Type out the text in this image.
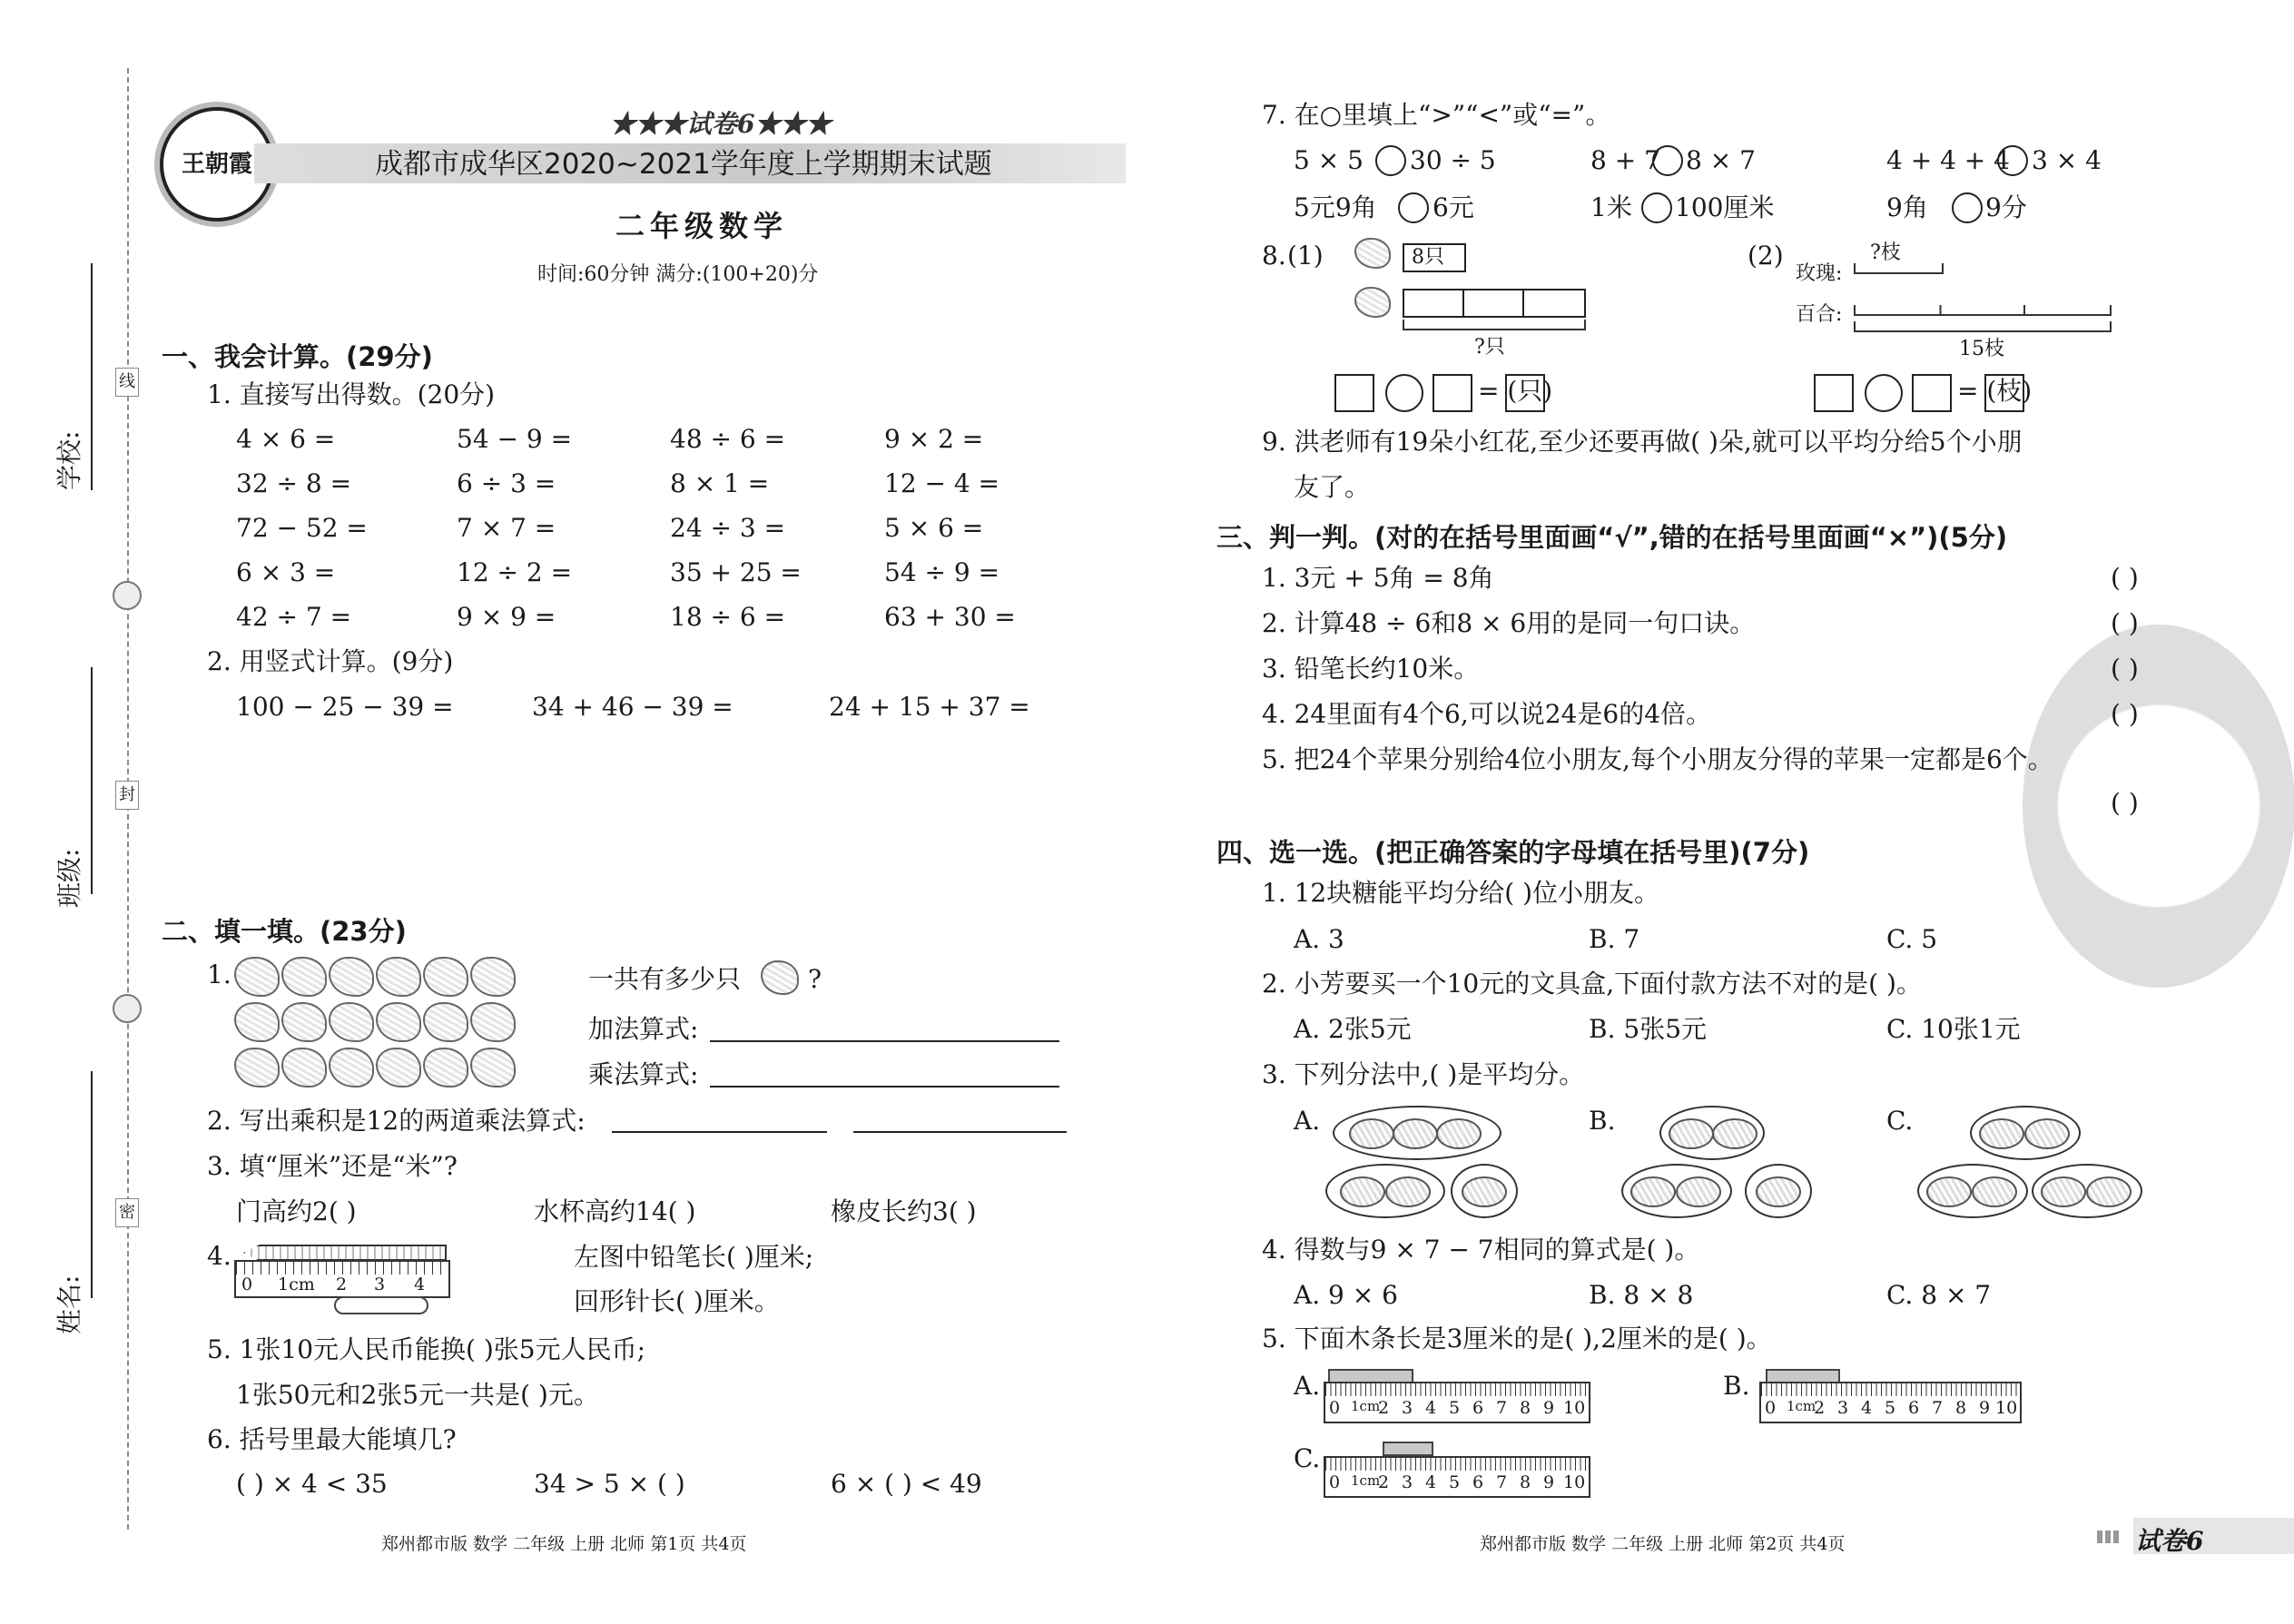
线
封
密
学校:
班级:
姓名:
王朝霞
★★★试卷6★★★
成都市成华区2020~2021学年度上学期期末试题
二年级数学
时间:60分钟 满分:(100+20)分
一、我会计算。(29分)
1. 直接写出得数。(20分)
4 × 6 =	54 − 9 =	48 ÷ 6 =	9 × 2 =
32 ÷ 8 =	6 ÷ 3 =	8 × 1 =	12 − 4 =
72 − 52 =	7 × 7 =	24 ÷ 3 =	5 × 6 =
6 × 3 =	12 ÷ 2 =	35 + 25 =	54 ÷ 9 =
42 ÷ 7 =	9 × 9 =	18 ÷ 6 =	63 + 30 =
2. 用竖式计算。(9分)
100 − 25 − 39 =	34 + 46 − 39 =	24 + 15 + 37 =
二、填一填。(23分)
1.	一共有多少只	?
加法算式:
乘法算式:
2. 写出乘积是12的两道乘法算式:
3. 填“厘米”还是“米”?
门高约2( )	水杯高约14( )	橡皮长约3( )
4.
0 1cm 2 3 4
左图中铅笔长( )厘米;
回形针长( )厘米。
5. 1张10元人民币能换( )张5元人民币;
1张50元和2张5元一共是( )元。
6. 括号里最大能填几?
( ) × 4 < 35	34 > 5 × ( )	6 × ( ) < 49
郑州都市版 数学 二年级 上册 北师 第1页 共4页
7. 在○里填上“>”“<”或“=”。
5 × 5 30 ÷ 5	8 + 7 8 × 7	4 + 4 + 4 3 × 4
5元9角 6元	1米 100厘米	9角 9分
8. (1)	8只
?只
= (只)
(2)
玫瑰:
?枝
百合:
15枝
= (枝)
9. 洪老师有19朵小红花,至少还要再做( )朵,就可以平均分给5个小朋
友了。
三、判一判。(对的在括号里面画“√”,错的在括号里面画“×”)(5分)
1. 3元 + 5角 = 8角	( )
2. 计算48 ÷ 6和8 × 6用的是同一句口诀。	( )
3. 铅笔长约10米。	( )
4. 24里面有4个6,可以说24是6的4倍。	( )
5. 把24个苹果分别给4位小朋友,每个小朋友分得的苹果一定都是6个。
( )
四、选一选。(把正确答案的字母填在括号里)(7分)
1. 12块糖能平均分给( )位小朋友。
A. 3	B. 7	C. 5
2. 小芳要买一个10元的文具盒,下面付款方法不对的是( )。
A. 2张5元	B. 5张5元	C. 10张1元
3. 下列分法中,( )是平均分。
A.	B.	C.
4. 得数与9 × 7 − 7相同的算式是( )。
A. 9 × 6	B. 8 × 8	C. 8 × 7
5. 下面木条长是3厘米的是( ),2厘米的是( )。
A.
0 1cm
2 3 4 5 6 7 8 9 10
B.
0 1cm
2 3 4 5 6 7 8 9 10
C.
0 1cm
2 3 4 5 6 7 8 9 10
郑州都市版 数学 二年级 上册 北师 第2页 共4页	试卷6
